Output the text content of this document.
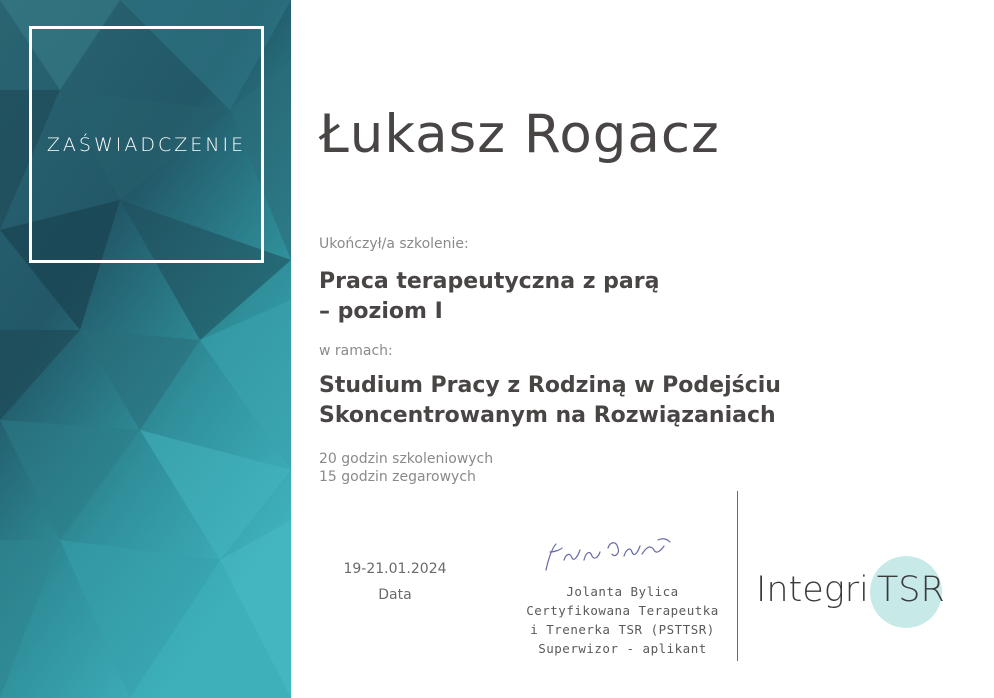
ZAŚWIADCZENIE Łukasz Rogacz
Ukończył/a szkolenie:
Praca terapeutyczna z parą
– poziom I
w ramach:
Studium Pracy z Rodziną w Podejściu
Skoncentrowanym na Rozwiązaniach
20 godzin szkoleniowych
15 godzin zegarowych
19-21.01.2024
Data	Jolanta Bylica
Certyfikowana Terapeutka
i Trenerka TSR (PSTTSR)
Superwizor - aplikant
Integri TSR
